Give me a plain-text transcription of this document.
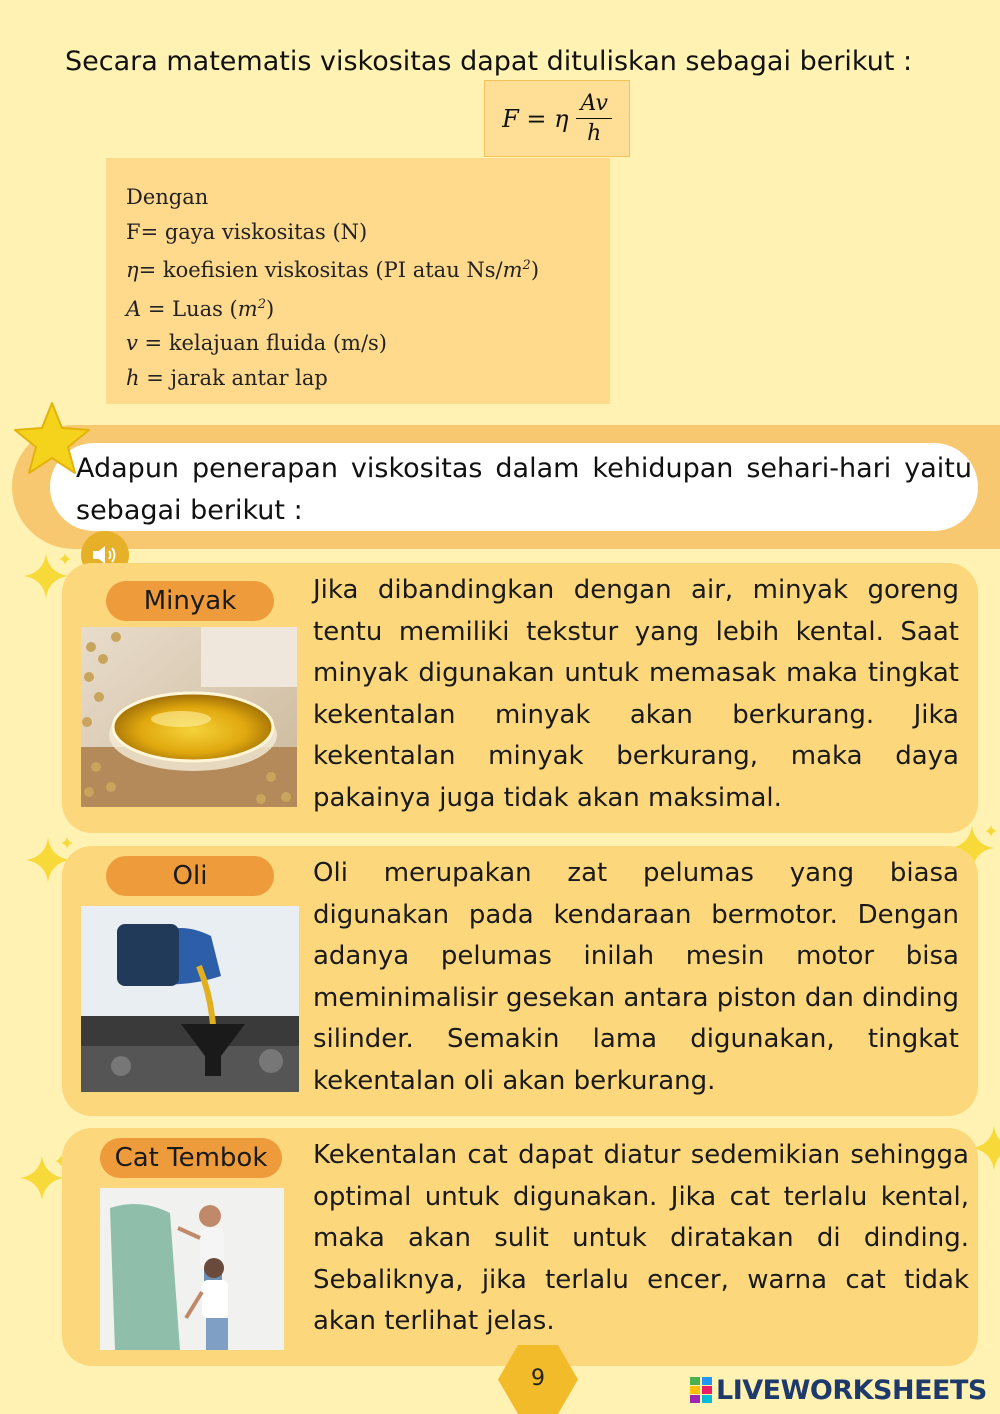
Secara matematis viskositas dapat dituliskan sebagai berikut :
F = η $\frac{Av}{h}$
Dengan
F= gaya viskositas (N)
η= koefisien viskositas (PI atau $Ns/m^2$)
A = Luas $(m^2)$
v = kelajuan fluida (m/s)
h = jarak antar lap
Adapun penerapan viskositas dalam kehidupan sehari-hari yaitu sebagai berikut :
Minyak	Jika dibandingkan dengan air, minyak goreng tentu memiliki tekstur yang lebih kental. Saat minyak digunakan untuk memasak maka tingkat kekentalan minyak akan berkurang. Jika kekentalan minyak berkurang, maka daya pakainya juga tidak akan maksimal.
Oli	Oli merupakan zat pelumas yang biasa digunakan pada kendaraan bermotor. Dengan adanya pelumas inilah mesin motor bisa meminimalisir gesekan antara piston dan dinding silinder. Semakin lama digunakan, tingkat kekentalan oli akan berkurang.
Cat Tembok	Kekentalan cat dapat diatur sedemikian sehingga optimal untuk digunakan. Jika cat terlalu kental, maka akan sulit untuk diratakan di dinding. Sebaliknya, jika terlalu encer, warna cat tidak akan terlihat jelas.
9	LIVEWORKSHEETS
